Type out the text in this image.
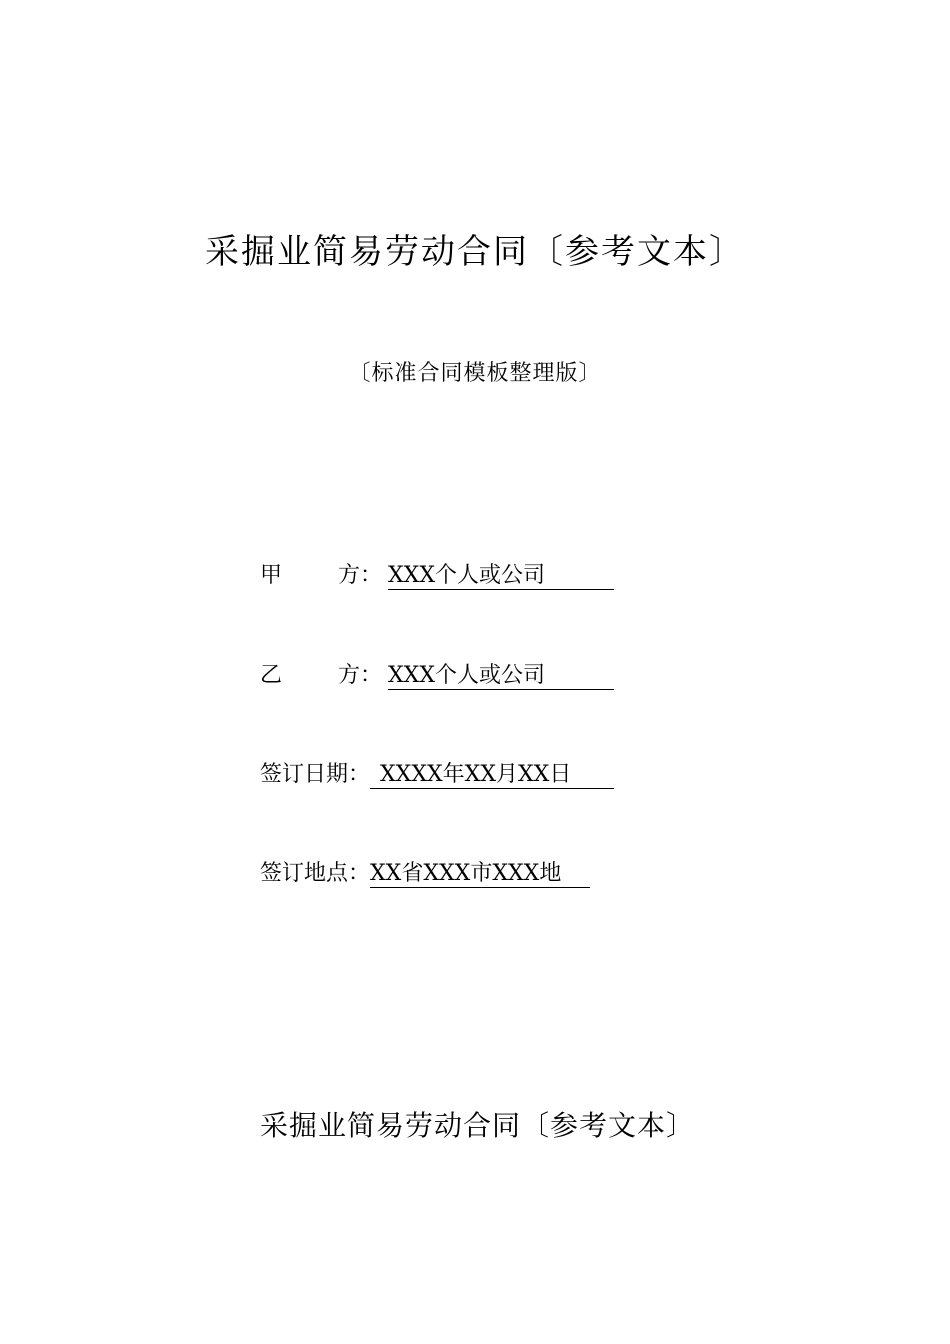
采掘业简易劳动合同〔参考文本〕
〔标准合同模板整理版〕
甲	方： XXX个人或公司
乙	方： XXX个人或公司
签订日期： XXXX年XX月XX日
签订地点：XX省XXX市XXX地
采掘业简易劳动合同〔参考文本〕
